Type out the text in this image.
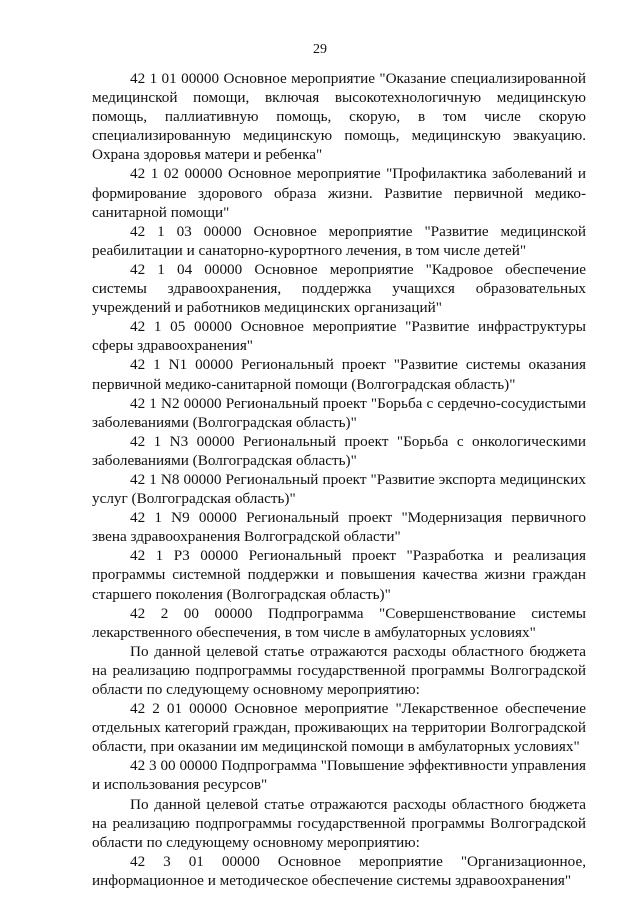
29

42 1 01 00000 Основное мероприятие "Оказание специализированной медицинской помощи, включая высокотехнологичную медицинскую помощь, паллиативную помощь, скорую, в том числе скорую специализированную медицинскую помощь, медицинскую эвакуацию. Охрана здоровья матери и ребенка"

42 1 02 00000 Основное мероприятие "Профилактика заболеваний и формирование здорового образа жизни. Развитие первичной медико-санитарной помощи"

42 1 03 00000 Основное мероприятие "Развитие медицинской реабилитации и санаторно-курортного лечения, в том числе детей"

42 1 04 00000 Основное мероприятие "Кадровое обеспечение системы здравоохранения, поддержка учащихся образовательных учреждений и работников медицинских организаций"

42 1 05 00000 Основное мероприятие "Развитие инфраструктуры сферы здравоохранения"

42 1 N1 00000 Региональный проект "Развитие системы оказания первичной медико-санитарной помощи (Волгоградская область)"

42 1 N2 00000 Региональный проект "Борьба с сердечно-сосудистыми заболеваниями (Волгоградская область)"

42 1 N3 00000 Региональный проект "Борьба с онкологическими заболеваниями (Волгоградская область)"

42 1 N8 00000 Региональный проект "Развитие экспорта медицинских услуг (Волгоградская область)"

42 1 N9 00000 Региональный проект "Модернизация первичного звена здравоохранения Волгоградской области"

42 1 P3 00000 Региональный проект "Разработка и реализация программы системной поддержки и повышения качества жизни граждан старшего поколения (Волгоградская область)"

42 2 00 00000 Подпрограмма "Совершенствование системы лекарственного обеспечения, в том числе в амбулаторных условиях"

По данной целевой статье отражаются расходы областного бюджета на реализацию подпрограммы государственной программы Волгоградской области по следующему основному мероприятию:

42 2 01 00000 Основное мероприятие "Лекарственное обеспечение отдельных категорий граждан, проживающих на территории Волгоградской области, при оказании им медицинской помощи в амбулаторных условиях"

42 3 00 00000 Подпрограмма "Повышение эффективности управления и использования ресурсов"

По данной целевой статье отражаются расходы областного бюджета на реализацию подпрограммы государственной программы Волгоградской области по следующему основному мероприятию:

42 3 01 00000 Основное мероприятие "Организационное, информационное и методическое обеспечение системы здравоохранения"
